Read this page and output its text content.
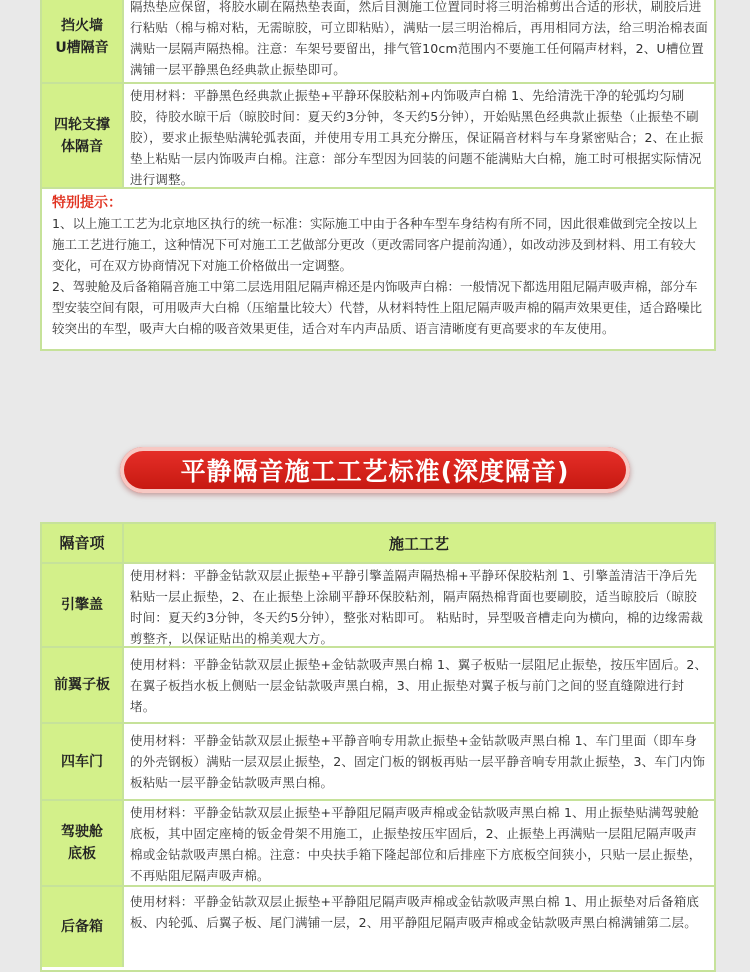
挡火墙
U槽隔音
隔热垫应保留，将胶水刷在隔热垫表面，然后目测施工位置同时将三明治棉剪出合适的形状，刷胶后进行粘贴（棉与棉对粘，无需晾胶，可立即粘贴），满贴一层三明治棉后，再用相同方法，给三明治棉表面满贴一层隔声隔热棉。注意：车架号要留出，排气管10cm范围内不要施工任何隔声材料，2、U槽位置满铺一层平静黑色经典款止振垫即可。
四轮支撑
体隔音
使用材料：平静黑色经典款止振垫+平静环保胶粘剂+内饰吸声白棉 1、先给清洗干净的轮弧均匀刷胶，待胶水晾干后（晾胶时间：夏天约3分钟，冬天约5分钟），开始贴黑色经典款止振垫（止振垫不刷胶），要求止振垫贴满轮弧表面，并使用专用工具充分擀压，保证隔音材料与车身紧密贴合；2、在止振垫上粘贴一层内饰吸声白棉。注意：部分车型因为回装的问题不能满贴大白棉，施工时可根据实际情况进行调整。
特别提示：

1、以上施工工艺为北京地区执行的统一标准：实际施工中由于各种车型车身结构有所不同，因此很难做到完全按以上施工工艺进行施工，这种情况下可对施工工艺做部分更改（更改需同客户提前沟通），如改动涉及到材料、用工有较大变化，可在双方协商情况下对施工价格做出一定调整。

2、驾驶舱及后备箱隔音施工中第二层选用阻尼隔声棉还是内饰吸声白棉：一般情况下都选用阻尼隔声吸声棉，部分车型安装空间有限，可用吸声大白棉（压缩量比较大）代替，从材料特性上阻尼隔声吸声棉的隔声效果更佳，适合路噪比较突出的车型，吸声大白棉的吸音效果更佳，适合对车内声品质、语言清晰度有更高要求的车友使用。

平静隔音施工工艺标准(深度隔音)
隔音项	施工工艺
引擎盖
使用材料：平静金钻款双层止振垫+平静引擎盖隔声隔热棉+平静环保胶粘剂 1、引擎盖清洁干净后先粘贴一层止振垫，2、在止振垫上涂刷平静环保胶粘剂，隔声隔热棉背面也要刷胶，适当晾胶后（晾胶时间：夏天约3分钟，冬天约5分钟），整张对粘即可。 粘贴时，异型吸音槽走向为横向，棉的边缘需裁剪整齐，以保证贴出的棉美观大方。
前翼子板
使用材料：平静金钻款双层止振垫+金钻款吸声黑白棉 1、翼子板贴一层阻尼止振垫，按压牢固后。2、在翼子板挡水板上侧贴一层金钻款吸声黑白棉，3、用止振垫对翼子板与前门之间的竖直缝隙进行封堵。
四车门
使用材料：平静金钻款双层止振垫+平静音响专用款止振垫+金钻款吸声黑白棉 1、车门里面（即车身的外壳钢板）满贴一层双层止振垫，2、固定门板的钢板再贴一层平静音响专用款止振垫，3、车门内饰板粘贴一层平静金钻款吸声黑白棉。
驾驶舱
底板
使用材料：平静金钻款双层止振垫+平静阻尼隔声吸声棉或金钻款吸声黑白棉 1、用止振垫贴满驾驶舱底板，其中固定座椅的钣金骨架不用施工，止振垫按压牢固后，2、止振垫上再满贴一层阻尼隔声吸声棉或金钻款吸声黑白棉。注意：中央扶手箱下隆起部位和后排座下方底板空间狭小，只贴一层止振垫，不再贴阻尼隔声吸声棉。
后备箱
使用材料：平静金钻款双层止振垫+平静阻尼隔声吸声棉或金钻款吸声黑白棉 1、用止振垫对后备箱底板、内轮弧、后翼子板、尾门满铺一层，2、用平静阻尼隔声吸声棉或金钻款吸声黑白棉满铺第二层。
